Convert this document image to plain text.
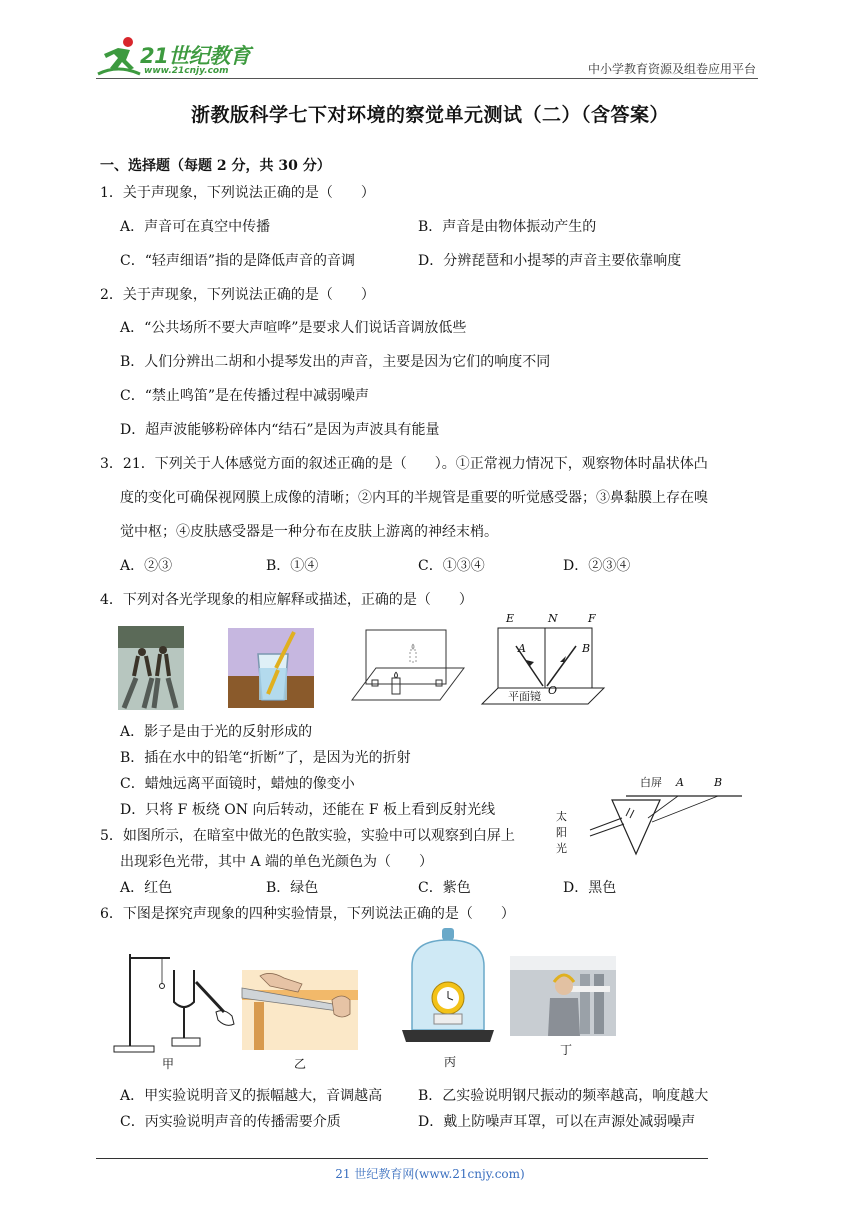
21世纪教育
www.21cnjy.com	中小学教育资源及组卷应用平台
浙教版科学七下对环境的察觉单元测试（二）（含答案）
一、选择题（每题 2 分，共 30 分）
1．关于声现象，下列说法正确的是（　　）
A．声音可在真空中传播	B．声音是由物体振动产生的
C．“轻声细语”指的是降低声音的音调	D．分辨琵琶和小提琴的声音主要依靠响度
2．关于声现象，下列说法正确的是（　　）
A．“公共场所不要大声喧哗”是要求人们说话音调放低些
B．人们分辨出二胡和小提琴发出的声音，主要是因为它们的响度不同
C．“禁止鸣笛”是在传播过程中减弱噪声
D．超声波能够粉碎体内“结石”是因为声波具有能量
3．21．下列关于人体感觉方面的叙述正确的是（　　）。①正常视力情况下，观察物体时晶状体凸
度的变化可确保视网膜上成像的清晰；②内耳的半规管是重要的听觉感受器；③鼻黏膜上存在嗅
觉中枢；④皮肤感受器是一种分布在皮肤上游离的神经末梢。
A．②③	B．①④	C．①③④	D．②③④
4．下列对各光学现象的相应解释或描述，正确的是（　　）
E	N	F
A	B
O
平面镜
A．影子是由于光的反射形成的
B．插在水中的铅笔“折断”了，是因为光的折射
C．蜡烛远离平面镜时，蜡烛的像变小
D．只将 F 板绕 ON 向后转动，还能在 F 板上看到反射光线
白屏 A	B
太
阳
光
5．如图所示，在暗室中做光的色散实验，实验中可以观察到白屏上
出现彩色光带，其中 A 端的单色光颜色为（　　）
A．红色	B．绿色	C．紫色	D．黑色
6．下图是探究声现象的四种实验情景，下列说法正确的是（　　）
甲	乙	丙
丁
A．甲实验说明音叉的振幅越大，音调越高	B．乙实验说明钢尺振动的频率越高，响度越大
C．丙实验说明声音的传播需要介质	D．戴上防噪声耳罩，可以在声源处减弱噪声
21 世纪教育网(www.21cnjy.com)
